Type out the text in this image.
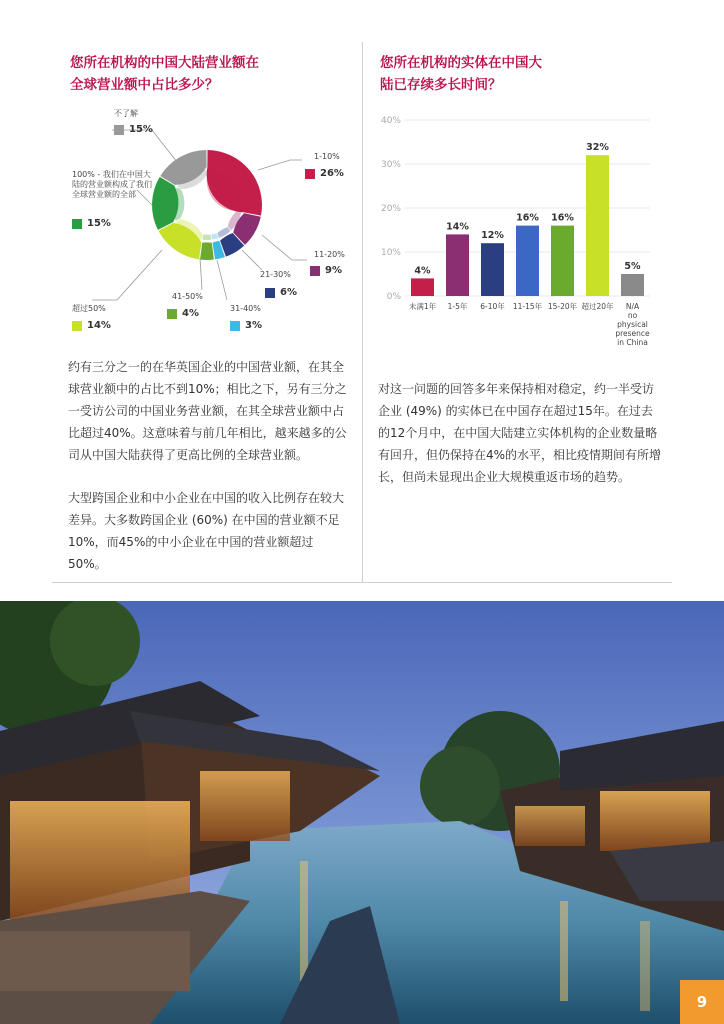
您所在机构的中国大陆营业额在
全球营业额中占比多少？
1-10%
26%
11-20%
9%
21-30%
6%
31-40%
3%
41-50%
4%
超过50%
14%
100% - 我们在中国大陆的营业额构成了我们全球营业额的全部
15%
不了解
15%
约有三分之一的在华英国企业的中国营业额，在其全球营业额中的占比不到10%；相比之下，另有三分之一受访公司的中国业务营业额，在其全球营业额中占比超过40%。这意味着与前几年相比，越来越多的公司从中国大陆获得了更高比例的全球营业额。
大型跨国企业和中小企业在中国的收入比例存在较大差异。大多数跨国企业 (60%) 在中国的营业额不足10%，而45%的中小企业在中国的营业额超过50%。
您所在机构的实体在中国大
陆已存续多长时间？
0%
10%
20%
30%
40%
4%
未满1年
14%
1-5年
12%
6-10年
16%
11-15年
16%
15-20年
32%
超过20年
5%
N/A no physical presence in China
对这一问题的回答多年来保持相对稳定，约一半受访企业 (49%) 的实体已在中国存在超过15年。在过去的12个月中，在中国大陆建立实体机构的企业数量略有回升，但仍保持在4%的水平，相比疫情期间有所增长，但尚未显现出企业大规模重返市场的趋势。
9
